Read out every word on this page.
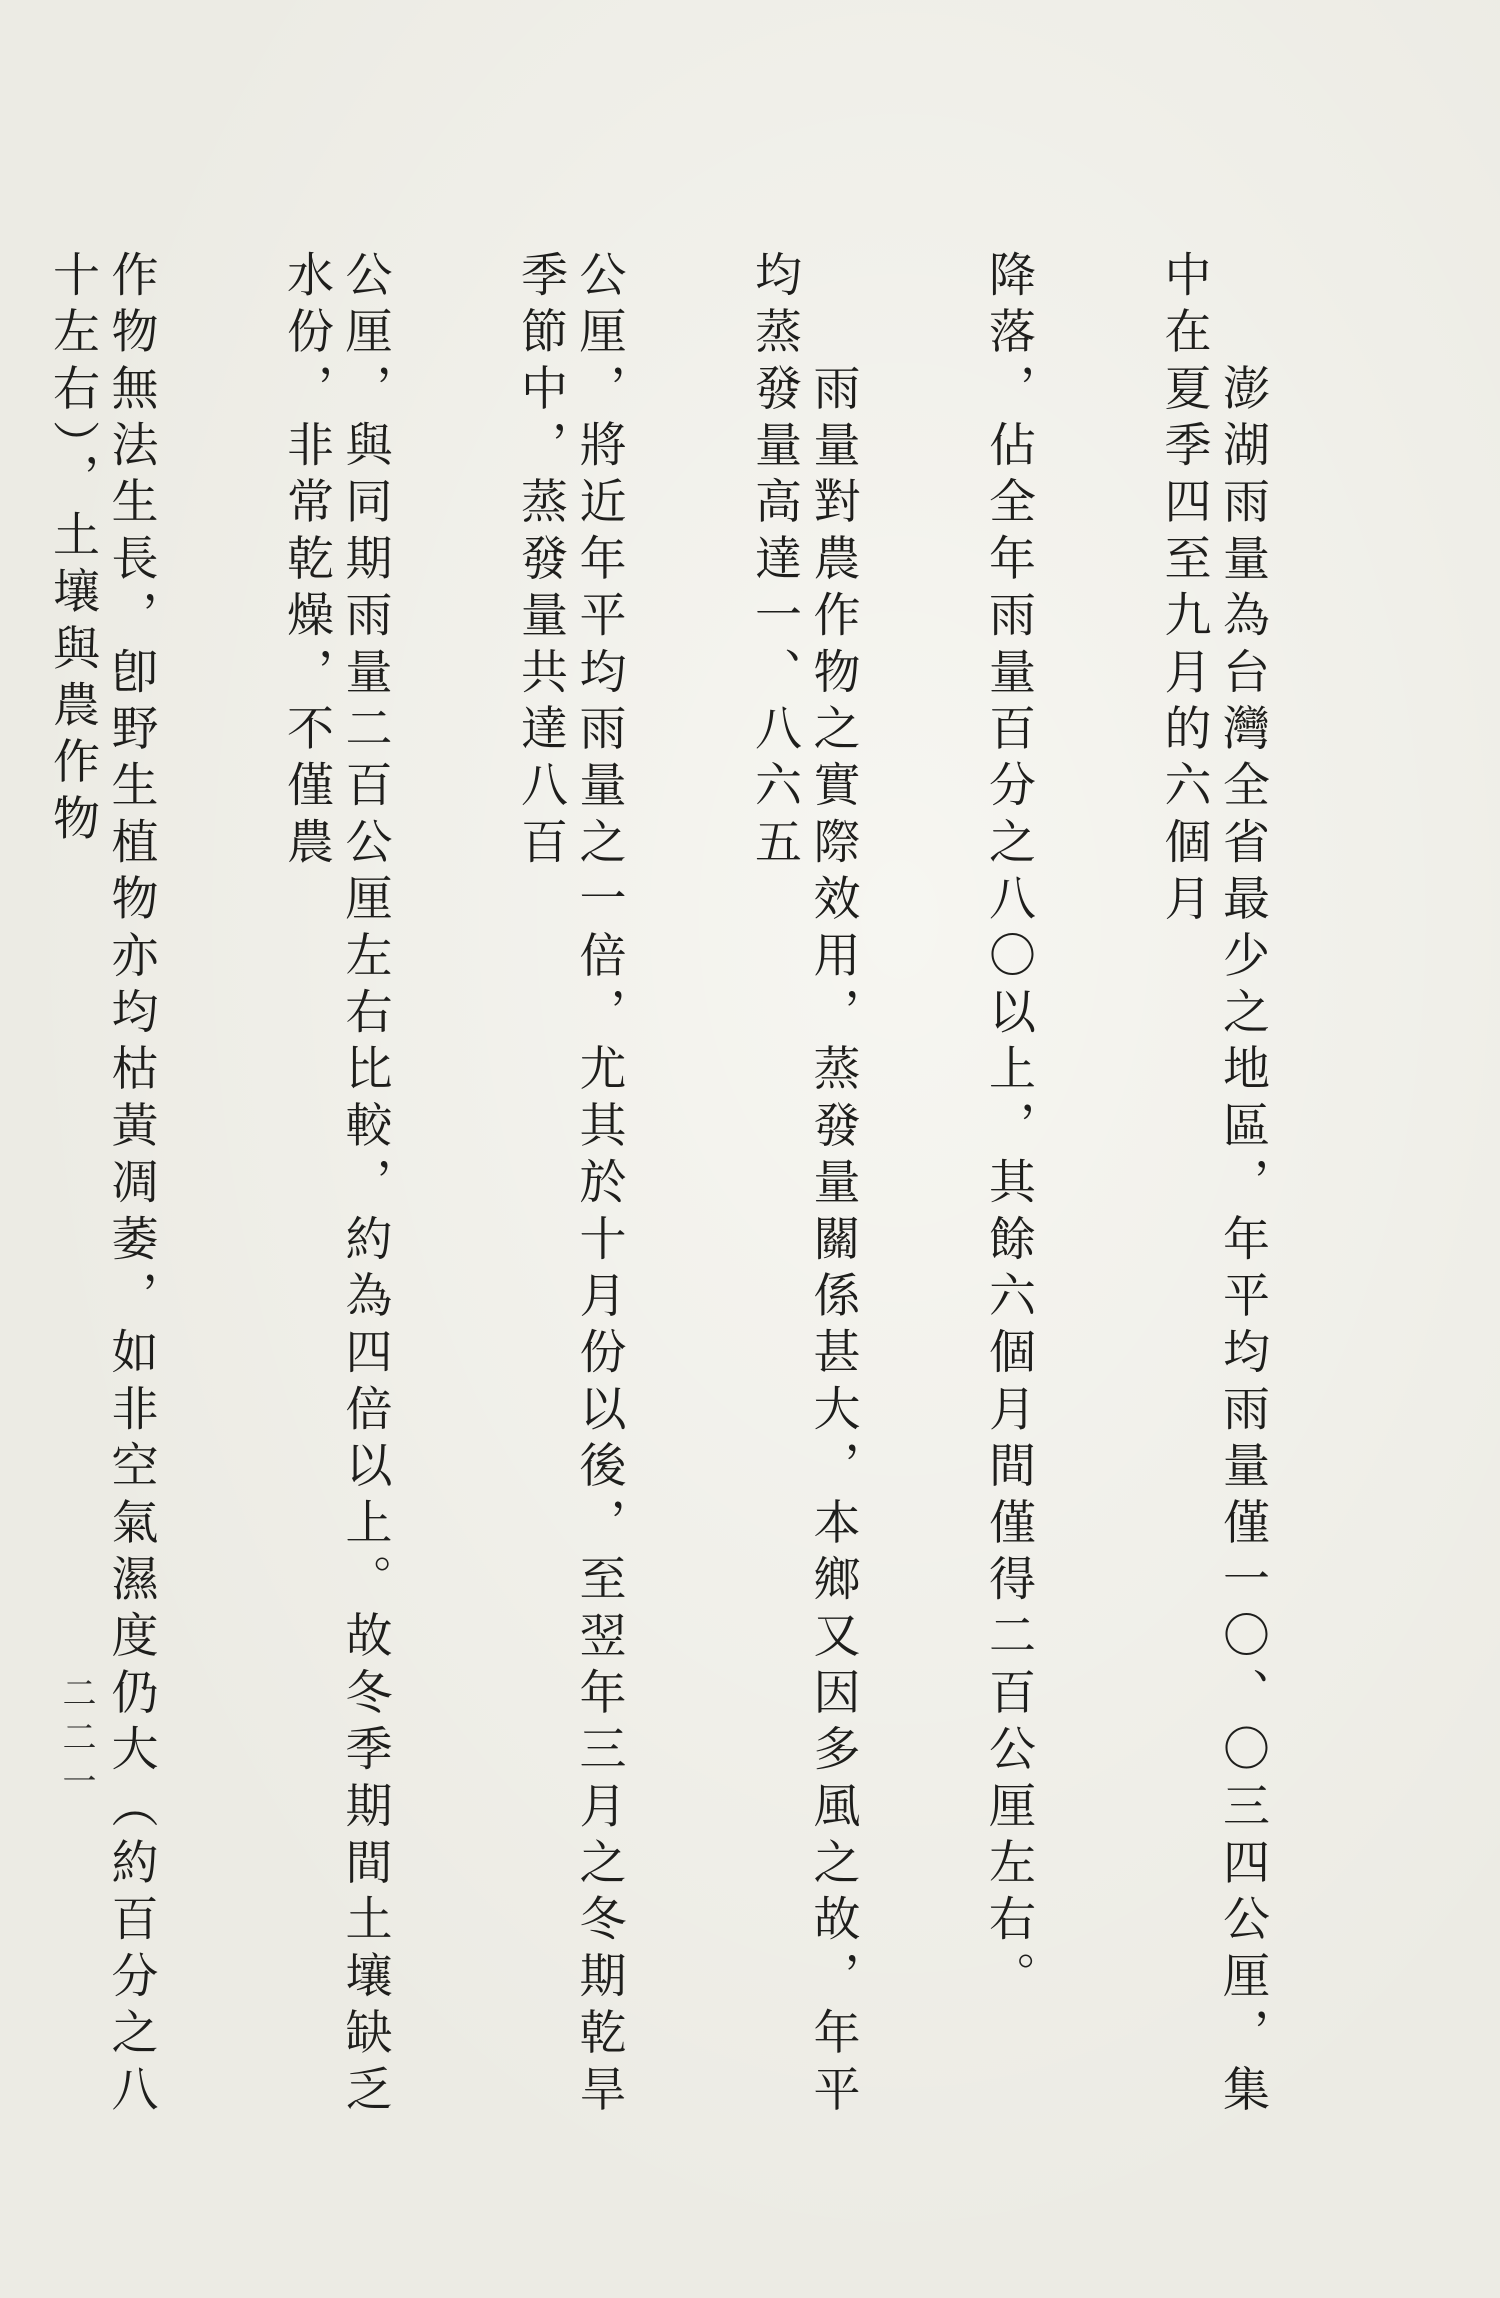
　　澎湖雨量為台灣全省最少之地區，年平均雨量僅一〇、〇三四公厘，集中在夏季四至九月的六個月

降落，佔全年雨量百分之八〇以上，其餘六個月間僅得二百公厘左右。

　　雨量對農作物之實際效用，蒸發量關係甚大，本鄉又因多風之故，年平均蒸發量高達一、八六五

公厘，將近年平均雨量之一倍，尤其於十月份以後，至翌年三月之冬期乾旱季節中，蒸發量共達八百

公厘，與同期雨量二百公厘左右比較，約為四倍以上。故冬季期間土壤缺乏水份，非常乾燥，不僅農

作物無法生長，卽野生植物亦均枯黃凋萎，如非空氣濕度仍大（約百分之八十左右），土壤與農作物

二二一
